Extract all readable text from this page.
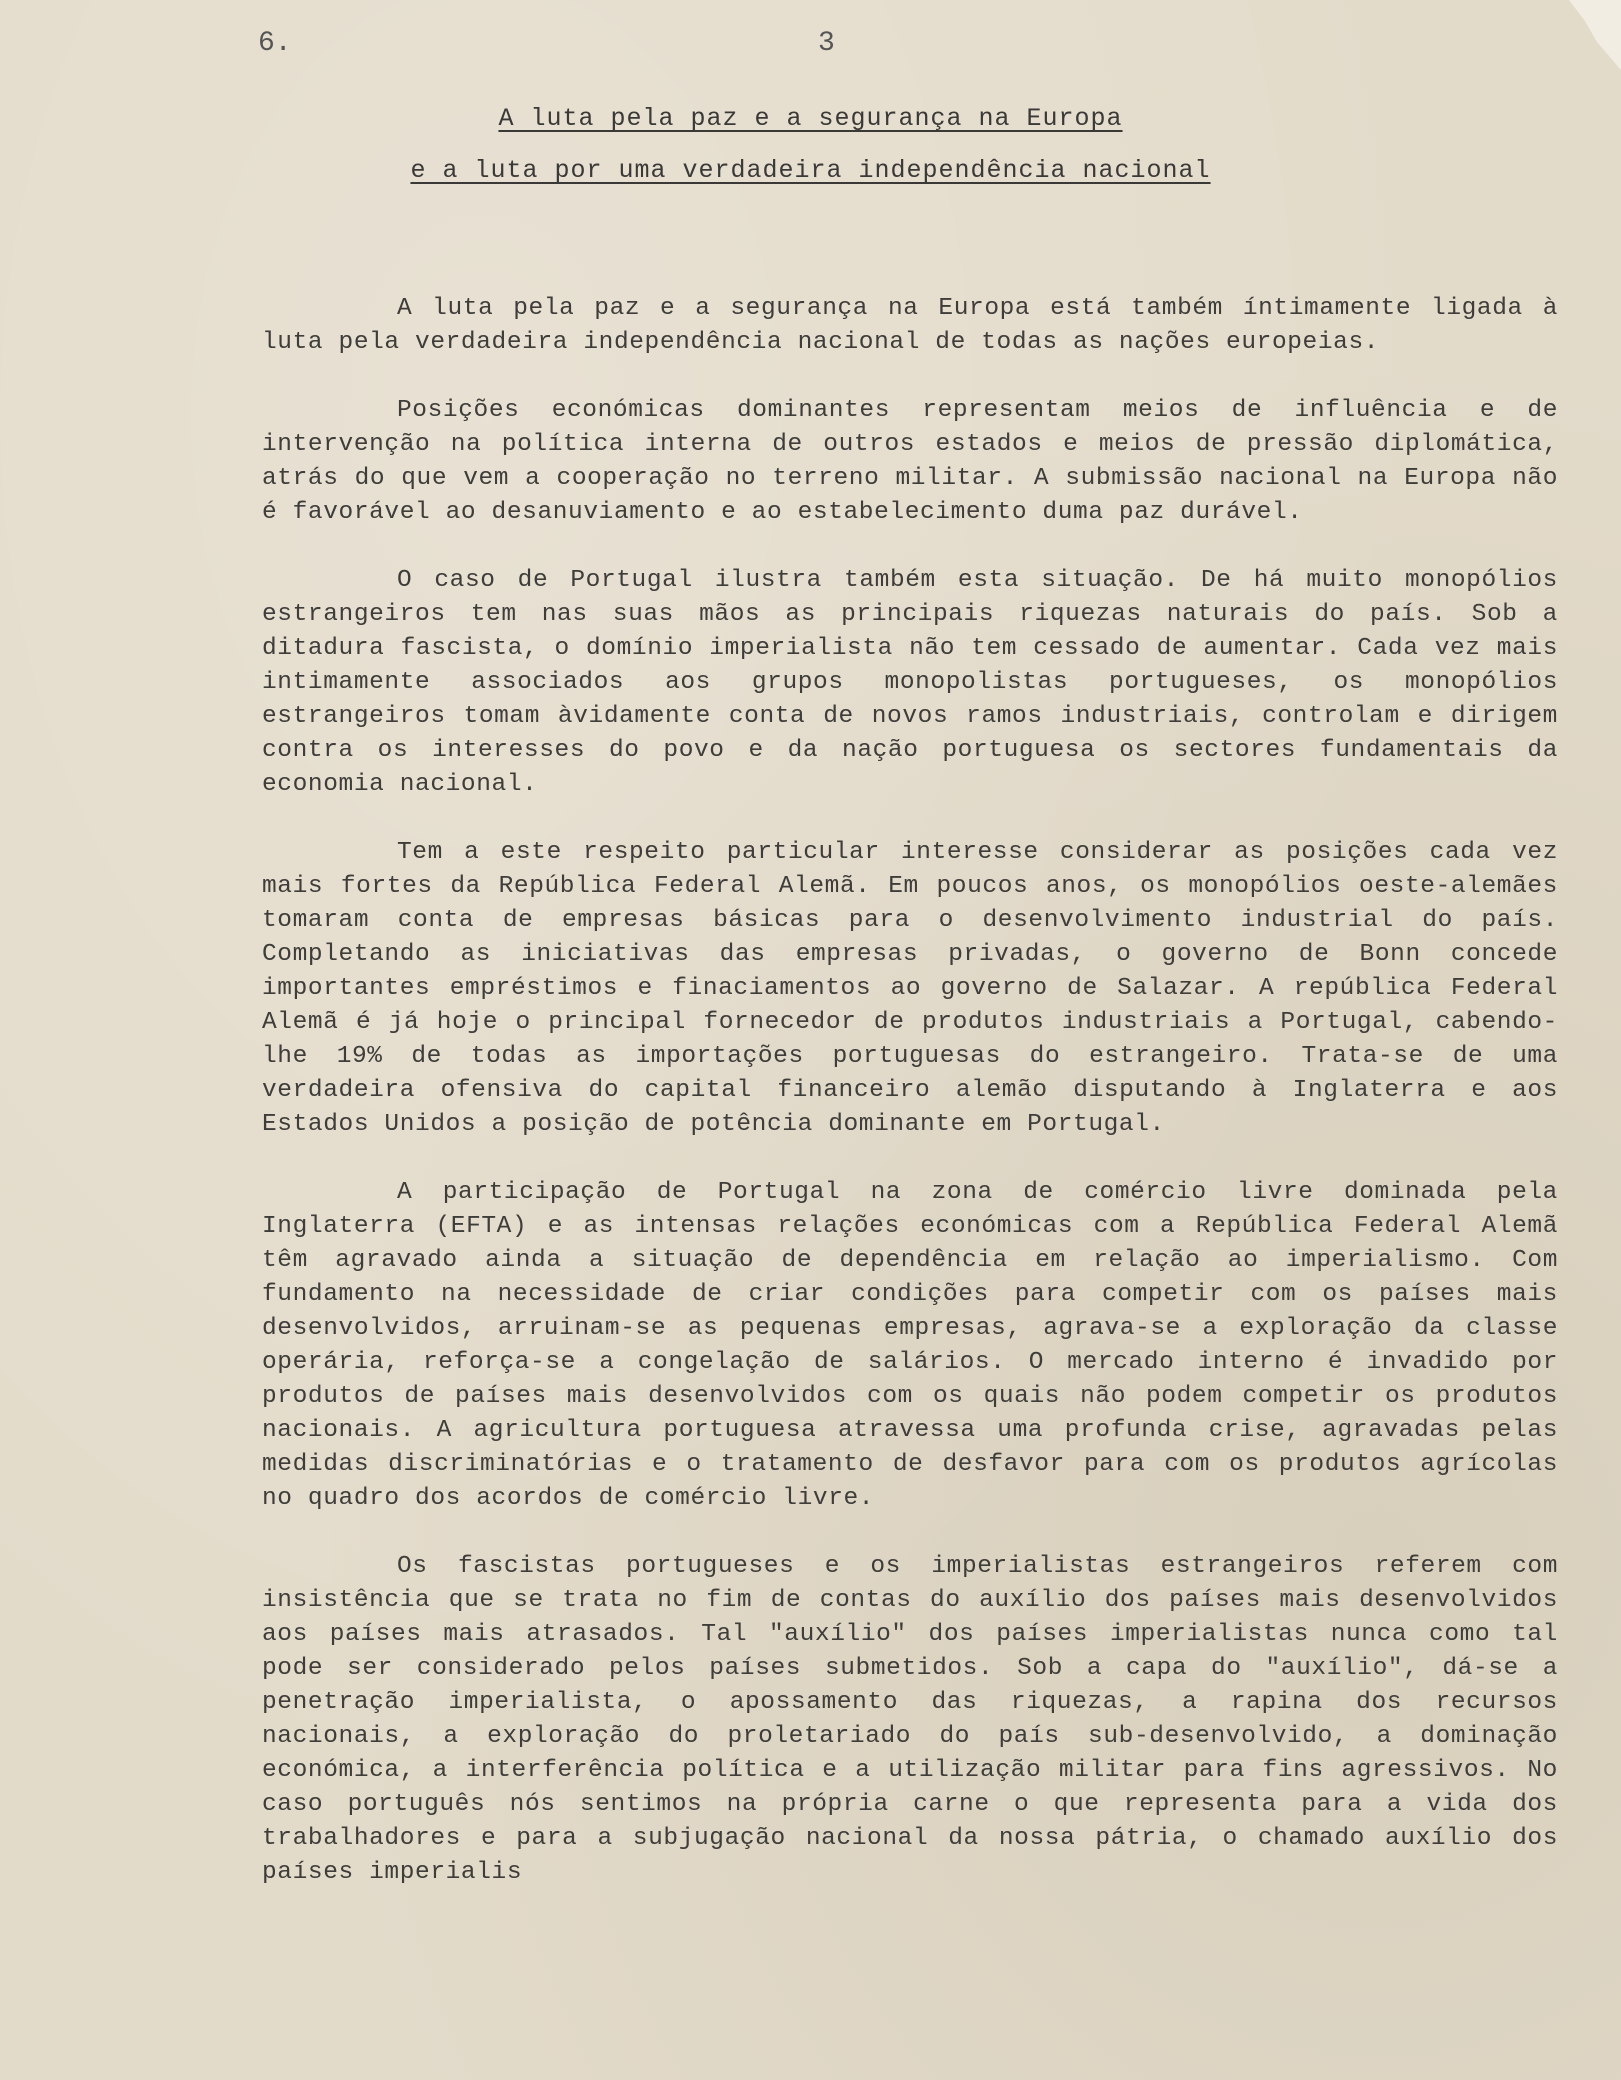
6.	3
A luta pela paz e a segurança na Europa
e a luta por uma verdadeira independência nacional

A luta pela paz e a segurança na Europa está também íntimamente ligada à luta pela verdadeira independência nacional de todas as nações europeias.

Posições económicas dominantes representam meios de influência e de intervenção na política interna de outros estados e meios de pressão diplomática, atrás do que vem a cooperação no terreno militar. A submissão nacional na Europa não é favorável ao desanuviamento e ao estabelecimento duma paz durável.

O caso de Portugal ilustra também esta situação. De há muito monopólios estrangeiros tem nas suas mãos as principais riquezas naturais do país. Sob a ditadura fascista, o domínio imperialista não tem cessado de aumentar. Cada vez mais intimamente associados aos grupos monopolistas portugueses, os monopólios estrangeiros tomam àvidamente conta de novos ramos industriais, controlam e dirigem contra os interesses do povo e da nação portuguesa os sectores fundamentais da economia nacional.

Tem a este respeito particular interesse considerar as posições cada vez mais fortes da República Federal Alemã. Em poucos anos, os monopólios oeste-alemães tomaram conta de empresas básicas para o desenvolvimento industrial do país. Completando as iniciativas das empresas privadas, o governo de Bonn concede importantes empréstimos e finaciamentos ao governo de Salazar. A república Federal Alemã é já hoje o principal fornecedor de produtos industriais a Portugal, cabendo-lhe 19% de todas as importações portuguesas do estrangeiro. Trata-se de uma verdadeira ofensiva do capital financeiro alemão disputando à Inglaterra e aos Estados Unidos a posição de potência dominante em Portugal.

A participação de Portugal na zona de comércio livre dominada pela Inglaterra (EFTA) e as intensas relações económicas com a República Federal Alemã têm agravado ainda a situação de dependência em relação ao imperialismo. Com fundamento na necessidade de criar condições para competir com os países mais desenvolvidos, arruinam-se as pequenas empresas, agrava-se a exploração da classe operária, reforça-se a congelação de salários. O mercado interno é invadido por produtos de países mais desenvolvidos com os quais não podem competir os produtos nacionais. A agricultura portuguesa atravessa uma profunda crise, agravadas pelas medidas discriminatórias e o tratamento de desfavor para com os produtos agrícolas no quadro dos acordos de comércio livre.

Os fascistas portugueses e os imperialistas estrangeiros referem com insistência que se trata no fim de contas do auxílio dos países mais desenvolvidos aos países mais atrasados. Tal "auxílio" dos países imperialistas nunca como tal pode ser considerado pelos países submetidos. Sob a capa do "auxílio", dá-se a penetração imperialista, o apossamento das riquezas, a rapina dos recursos nacionais, a exploração do proletariado do país sub-desenvolvido, a dominação económica, a interferência política e a utilização militar para fins agressivos. No caso português nós sentimos na própria carne o que representa para a vida dos trabalhadores e para a subjugação nacional da nossa pátria, o chamado auxílio dos países imperialis
